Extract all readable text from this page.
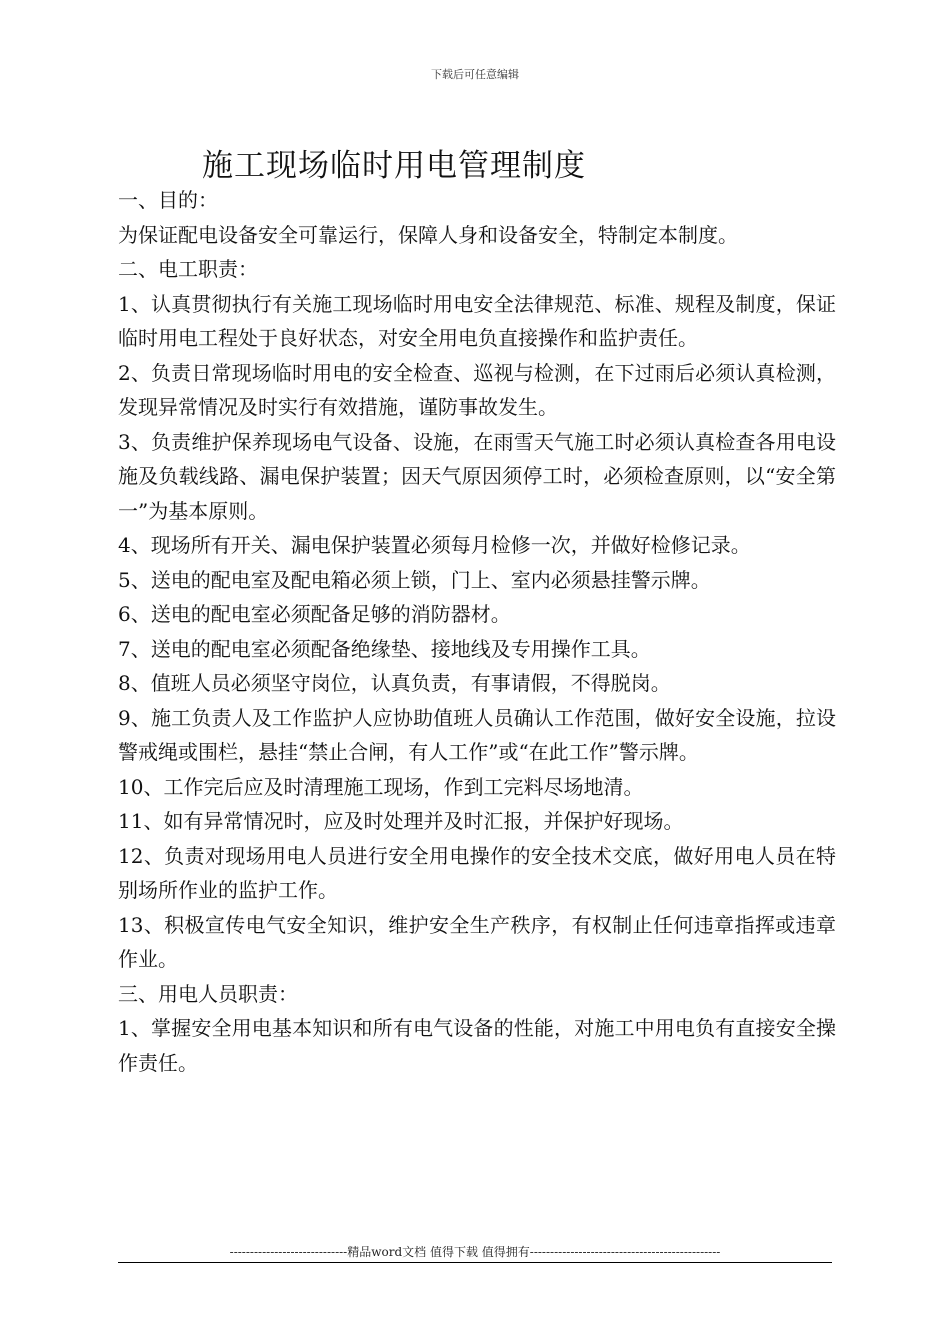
下载后可任意编辑
施工现场临时用电管理制度

一、目的：

为保证配电设备安全可靠运行，保障人身和设备安全，特制定本制度。

二、电工职责：

1、认真贯彻执行有关施工现场临时用电安全法律规范、标准、规程及制度，保证临时用电工程处于良好状态，对安全用电负直接操作和监护责任。

2、负责日常现场临时用电的安全检查、巡视与检测，在下过雨后必须认真检测，发现异常情况及时实行有效措施，谨防事故发生。

3、负责维护保养现场电气设备、设施，在雨雪天气施工时必须认真检查各用电设施及负载线路、漏电保护装置；因天气原因须停工时，必须检查原则，以“安全第一”为基本原则。

4、现场所有开关、漏电保护装置必须每月检修一次，并做好检修记录。

5、送电的配电室及配电箱必须上锁，门上、室内必须悬挂警示牌。

6、送电的配电室必须配备足够的消防器材。

7、送电的配电室必须配备绝缘垫、接地线及专用操作工具。

8、值班人员必须坚守岗位，认真负责，有事请假，不得脱岗。

9、施工负责人及工作监护人应协助值班人员确认工作范围，做好安全设施，拉设警戒绳或围栏，悬挂“禁止合闸，有人工作”或“在此工作”警示牌。

10、工作完后应及时清理施工现场，作到工完料尽场地清。

11、如有异常情况时，应及时处理并及时汇报，并保护好现场。

12、负责对现场用电人员进行安全用电操作的安全技术交底，做好用电人员在特别场所作业的监护工作。

13、积极宣传电气安全知识，维护安全生产秩序，有权制止任何违章指挥或违章作业。

三、用电人员职责：

1、掌握安全用电基本知识和所有电气设备的性能，对施工中用电负有直接安全操作责任。

-----------------------------精品word文档 值得下载 值得拥有-----------------------------------------------
